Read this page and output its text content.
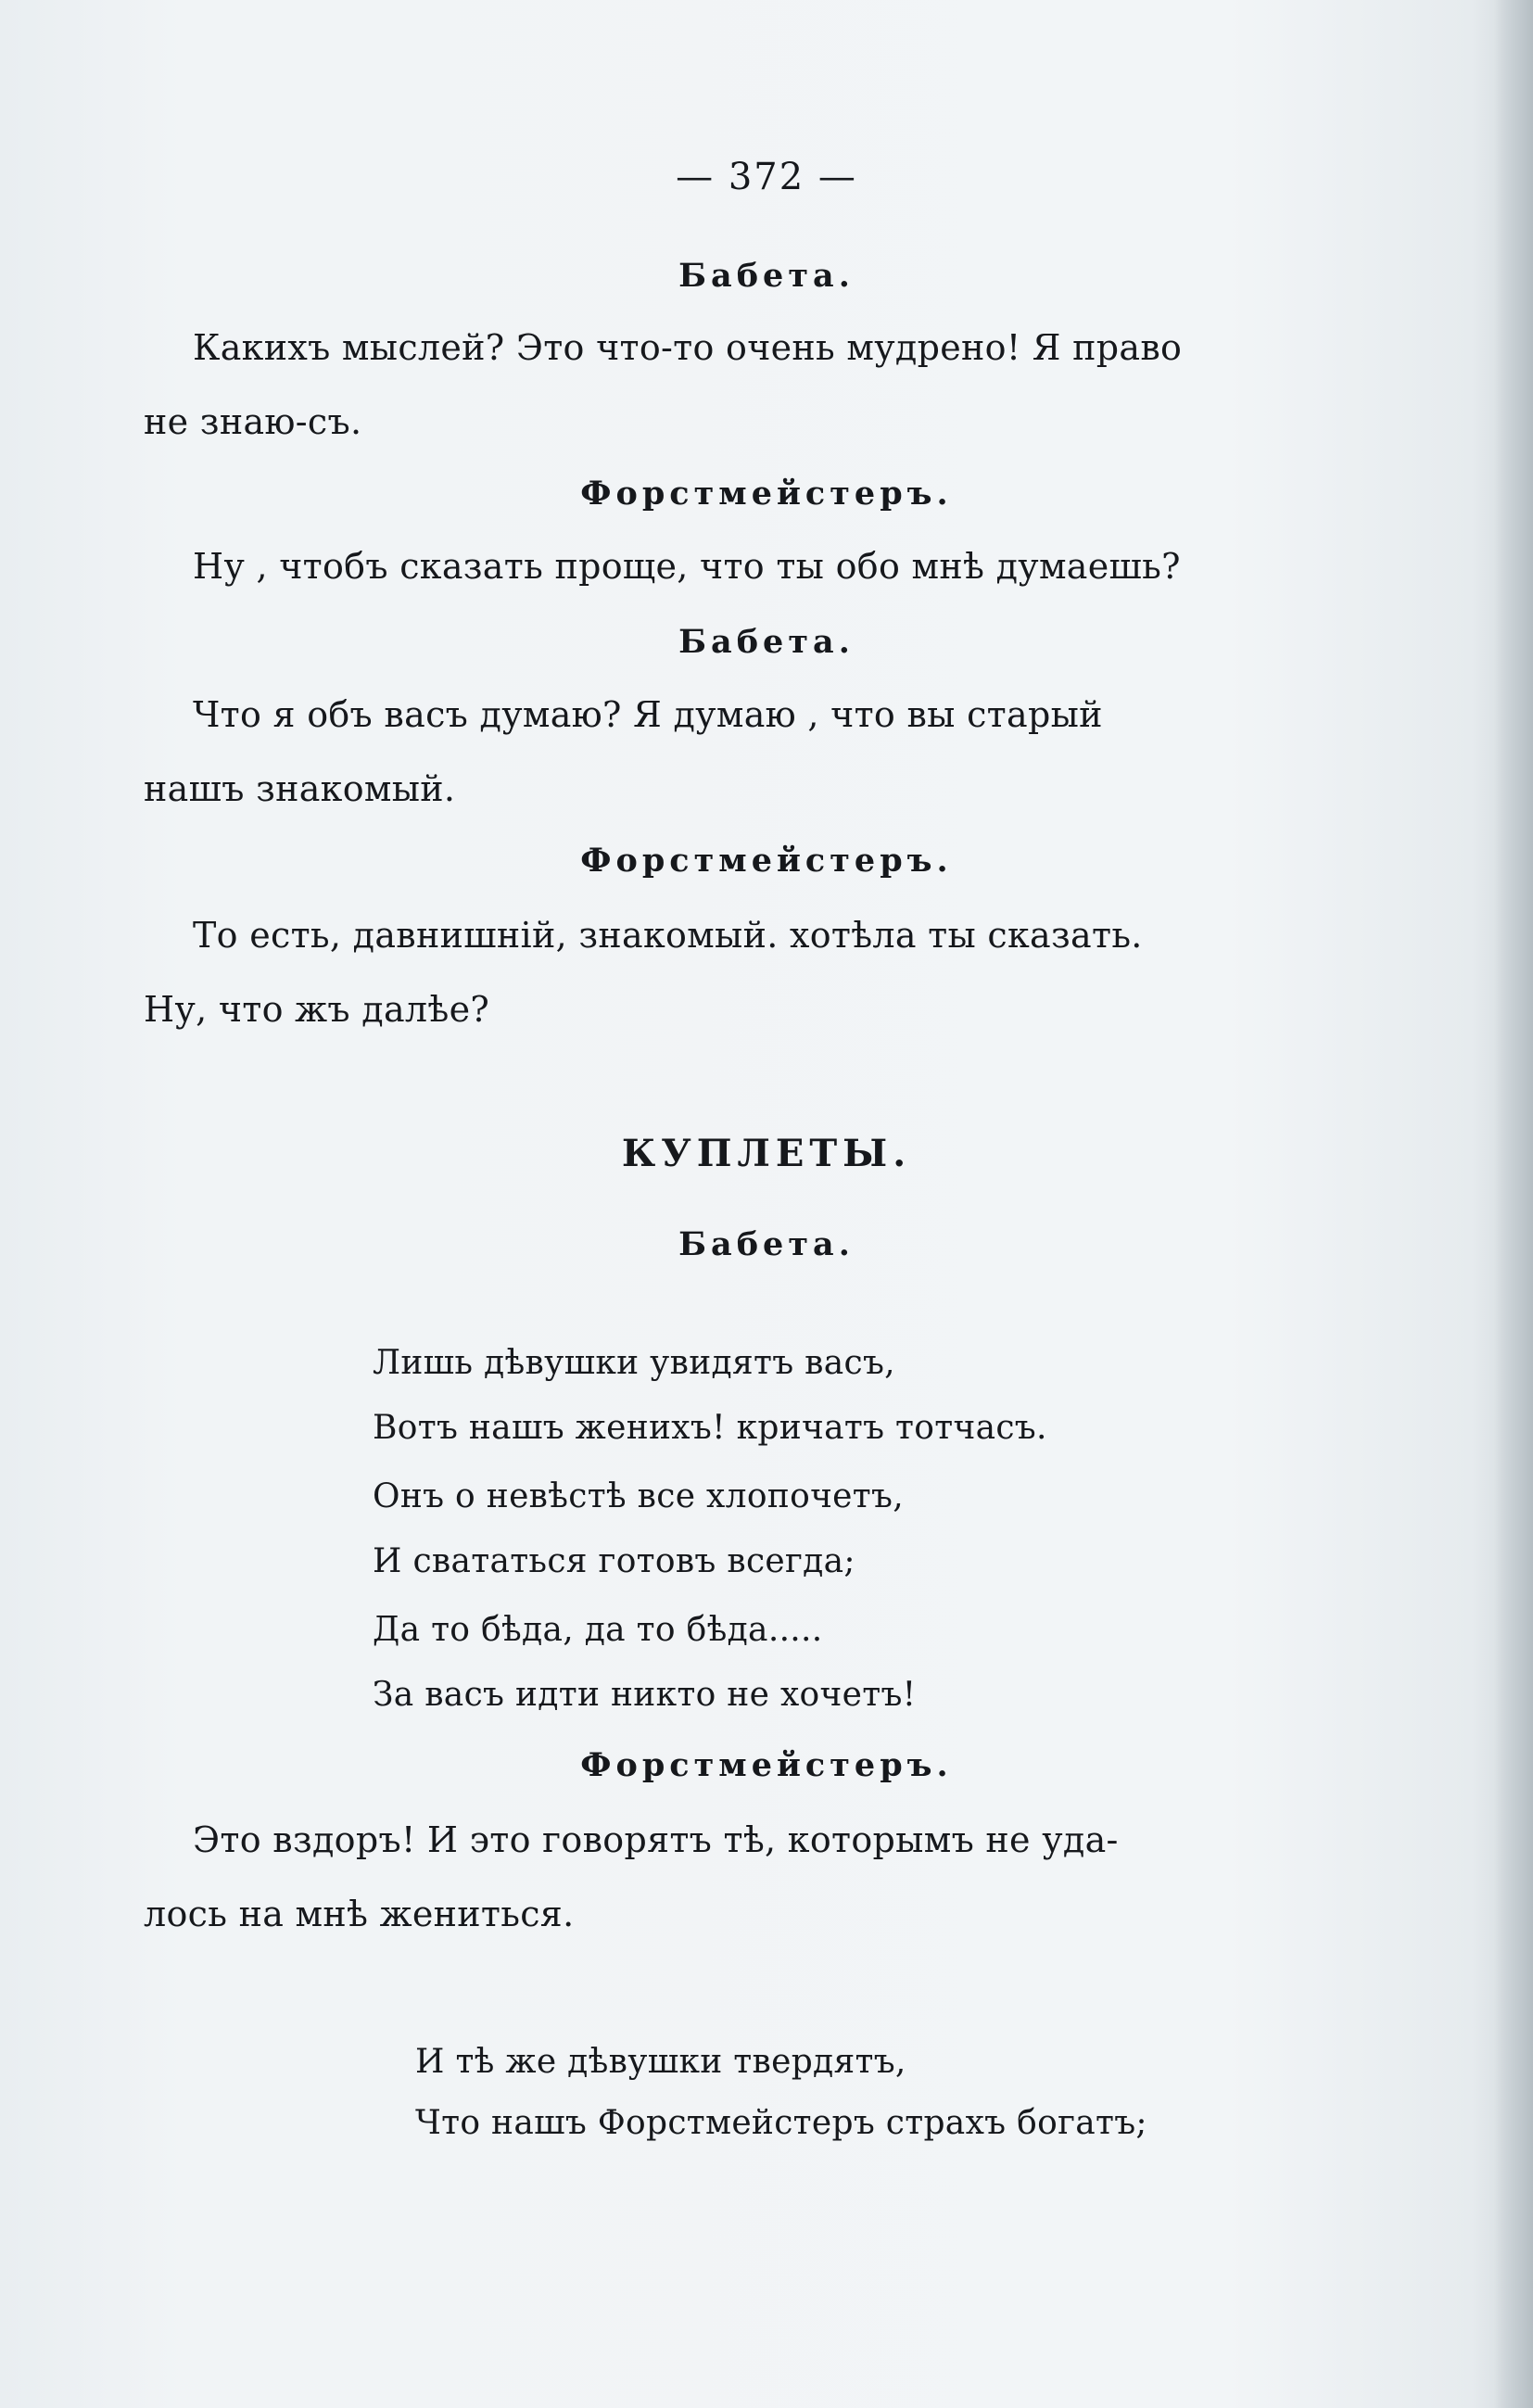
— 372 —
Бабета.
Какихъ мыслей? Это что-то очень мудрено! Я право
не знаю-съ.
Форстмейстеръ.
Ну , чтобъ сказать проще, что ты обо мнѣ думаешь?
Бабета.
Что я объ васъ думаю? Я думаю , что вы старый
нашъ знакомый.
Форстмейстеръ.
То есть, давнишній, знакомый. хотѣла ты сказать.
Ну, что жъ далѣе?
КУПЛЕТЫ.
Бабета.
Лишь дѣвушки увидятъ васъ,
Вотъ нашъ женихъ! кричатъ тотчасъ.
Онъ о невѣстѣ все хлопочетъ,
И свататься готовъ всегда;
Да то бѣда, да то бѣда.....
За васъ идти никто не хочетъ!
Форстмейстеръ.
Это вздоръ! И это говорятъ тѣ, которымъ не уда-
лось на мнѣ жениться.
И тѣ же дѣвушки твердятъ,
Что нашъ Форстмейстеръ страхъ богатъ;
